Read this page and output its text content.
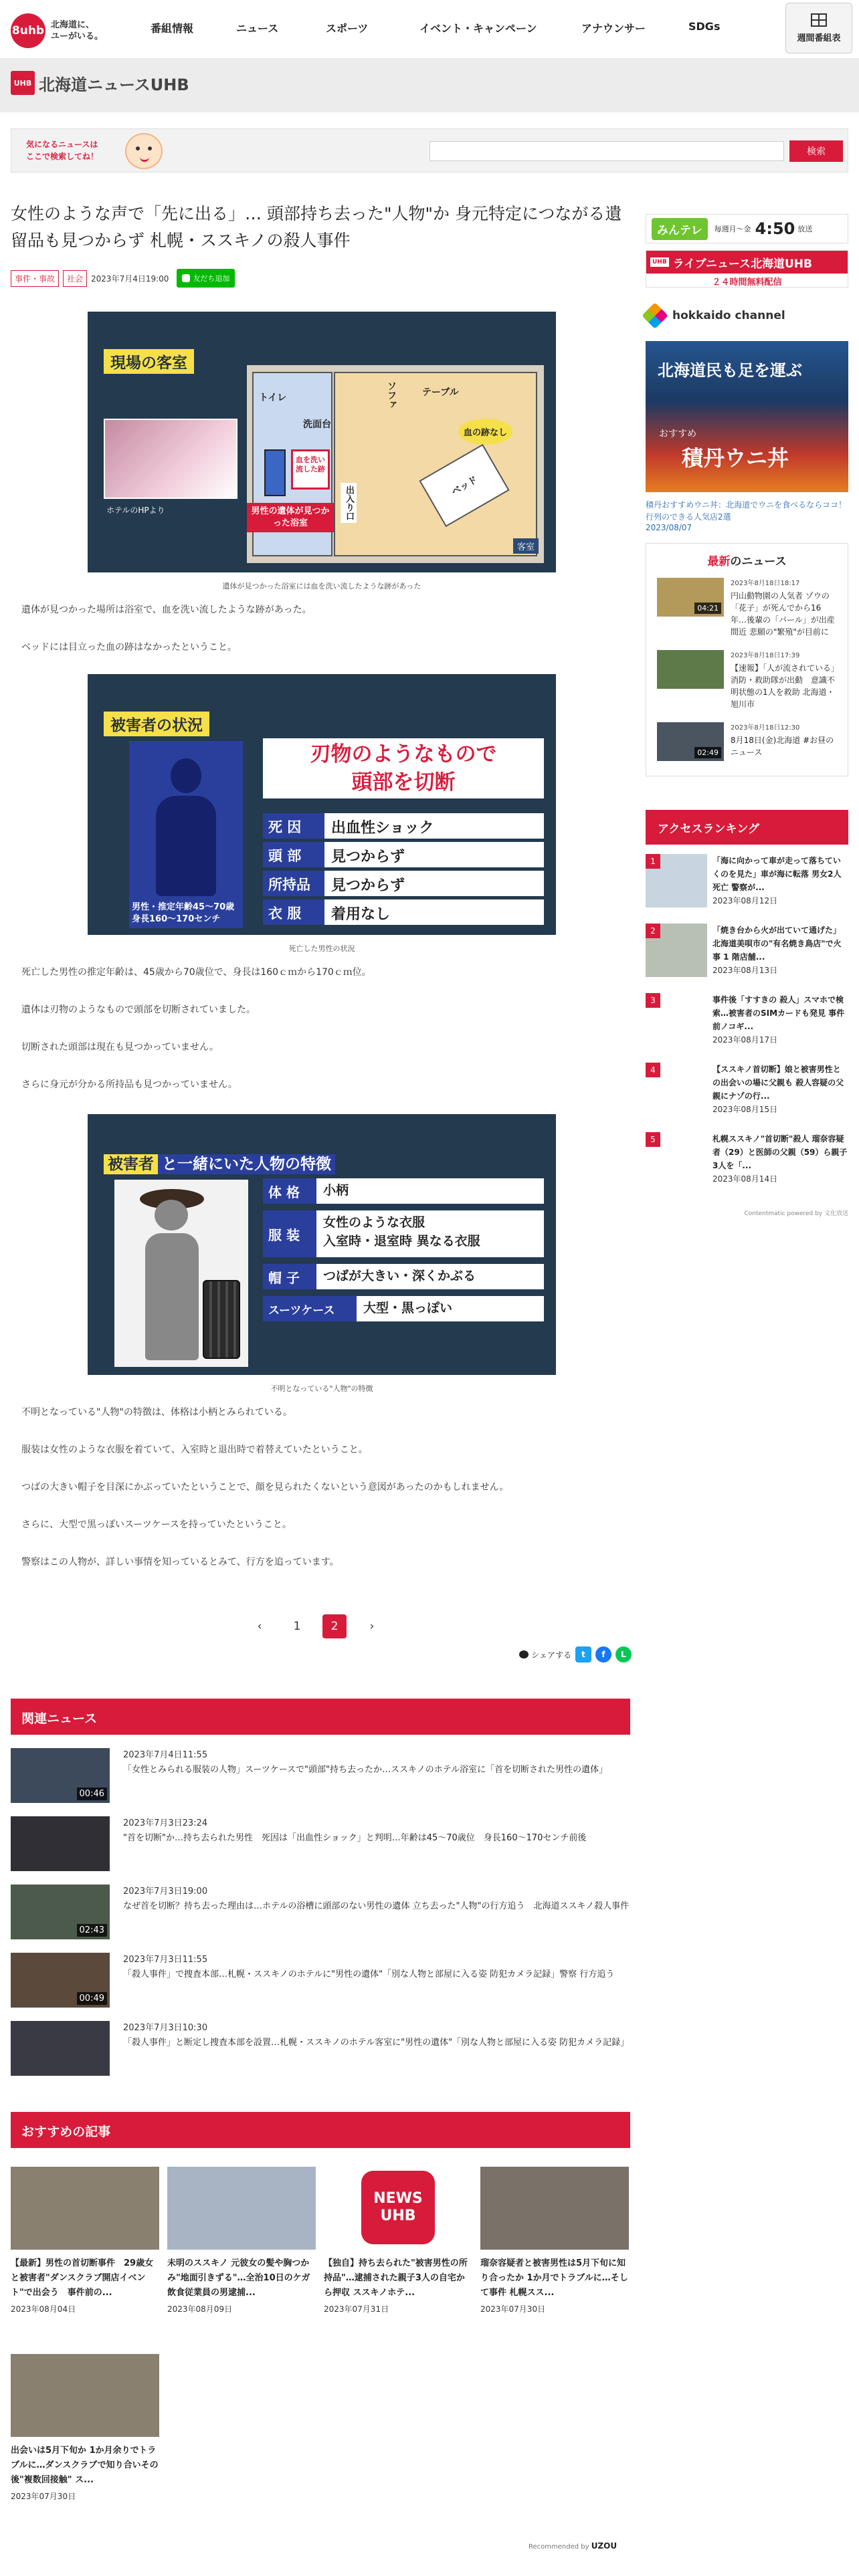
8uhb 北海道に、
ユーがいる。
番組情報	ニュース	スポーツ	イベント・キャンペーン	アナウンサー	SDGs
週間番組表
UHB 北海道ニュースUHB
気になるニュースは
ここで検索してね！	検索
女性のような声で「先に出る」… 頭部持ち去った"人物"か 身元特定につながる遺留品も見つからず 札幌・ススキノの殺人事件
事件・事故	社会	2023年7月4日19:00	友だち追加
現場の客室
ホテルのHPより
トイレ
洗面台
ソファ	テーブル
血の跡なし
ベッド
客室
出入り口
血を洗い流した跡
男性の遺体が見つかった浴室
遺体が見つかった浴室には血を洗い流したような跡があった

遺体が見つかった場所は浴室で、血を洗い流したような跡があった。

ベッドには目立った血の跡はなかったということ。

被害者の状況
男性・推定年齢45〜70歳
身長160〜170センチ
刃物のようなもので
頭部を切断
死 因	出血性ショック
頭 部	見つからず
所持品	見つからず
衣 服	着用なし
死亡した男性の状況

死亡した男性の推定年齢は、45歳から70歳位で、身長は160ｃｍから170ｃｍ位。

遺体は刃物のようなもので頭部を切断されていました。

切断された頭部は現在も見つかっていません。

さらに身元が分かる所持品も見つかっていません。

被害者 と一緒にいた人物の特徴
体 格	小柄
服 装
女性のような衣服
入室時・退室時 異なる衣服
帽 子	つばが大きい・深くかぶる
スーツケース	大型・黒っぽい
不明となっている"人物"の特徴

不明となっている"人物"の特徴は、体格は小柄とみられている。

服装は女性のような衣服を着ていて、入室時と退出時で着替えていたということ。

つばの大きい帽子を目深にかぶっていたということで、顔を見られたくないという意図があったのかもしれません。

さらに、大型で黒っぽいスーツケースを持っていたということ。

警察はこの人物が、詳しい事情を知っているとみて、行方を追っています。

‹	1	2	›
シェアする	t	f	L
関連ニュース
00:46
2023年7月4日11:55
「女性とみられる服装の人物」スーツケースで"頭部"持ち去ったか…ススキノのホテル浴室に「首を切断された男性の遺体」
2023年7月3日23:24
"首を切断"か…持ち去られた男性　死因は「出血性ショック」と判明…年齢は45〜70歳位　身長160〜170センチ前後
02:43
2023年7月3日19:00
なぜ首を切断？持ち去った理由は…ホテルの浴槽に頭部のない男性の遺体 立ち去った"人物"の行方追う　北海道ススキノ殺人事件
00:49
2023年7月3日11:55
「殺人事件」で捜査本部…札幌・ススキノのホテルに"男性の遺体"「別な人物と部屋に入る姿 防犯カメラ記録」警察 行方追う
2023年7月3日10:30
「殺人事件」と断定し捜査本部を設置…札幌・ススキノのホテル客室に"男性の遺体"「別な人物と部屋に入る姿 防犯カメラ記録」
おすすめの記事
【最新】男性の首切断事件　29歳女と被害者"ダンスクラブ開店イベント"で出会う　事件前の...
2023年08月04日
未明のススキノ 元彼女の髪や胸つかみ"地面引きずる"…全治10日のケガ 飲食従業員の男逮捕...
2023年08月09日
NEWS UHB
【独自】持ち去られた"被害男性の所持品"…逮捕された親子3人の自宅から押収 ススキノホテ...
2023年07月31日
瑠奈容疑者と被害男性は5月下旬に知り合ったか 1か月でトラブルに…そして事件 札幌スス...
2023年07月30日
出会いは5月下旬か 1か月余りでトラブルに…ダンスクラブで知り合いその後"複数回接触" ス...
2023年07月30日
Recommended by UZOU
みんテレ	毎週月〜金 4:50 放送
UHB ライブニュース北海道UHB
２４時間無料配信
hokkaido channel
北海道民も足を運ぶ
おすすめ
積丹ウニ丼
積丹おすすめウニ丼：北海道でウニを食べるならココ！行列のできる人気店2選
2023/08/07
最新のニュース
04:21
2023年8月18日18:17
円山動物園の人気者 ゾウの「花子」が死んでから16年…後輩の「パール」が出産間近 悲願の"繁殖"が目前に
2023年8月18日17:39
【速報】「人が流されている」消防・救助隊が出動　意識不明状態の1人を救助 北海道・旭川市
02:49
2023年8月18日12:30
8月18日(金)北海道 #お昼のニュース
アクセスランキング
1	「海に向かって車が走って落ちていくのを見た」車が海に転落 男女2人死亡 警察が...
2023年08月12日
2	「焼き台から火が出ていて通げた」北海道美唄市の"有名焼き鳥店"で火事 1 階店舗...
2023年08月13日
3	事件後「すすきの 殺人」スマホで検索…被害者のSIMカードも発見 事件前ノコギ...
2023年08月17日
4	【ススキノ首切断】娘と被害男性との出会いの場に父親も 殺人容疑の父親にナゾの行...
2023年08月15日
5	札幌ススキノ"首切断"殺人 瑠奈容疑者（29）と医師の父親（59）ら親子3人を「...
2023年08月14日
Contentmatic powered by 文化放送
